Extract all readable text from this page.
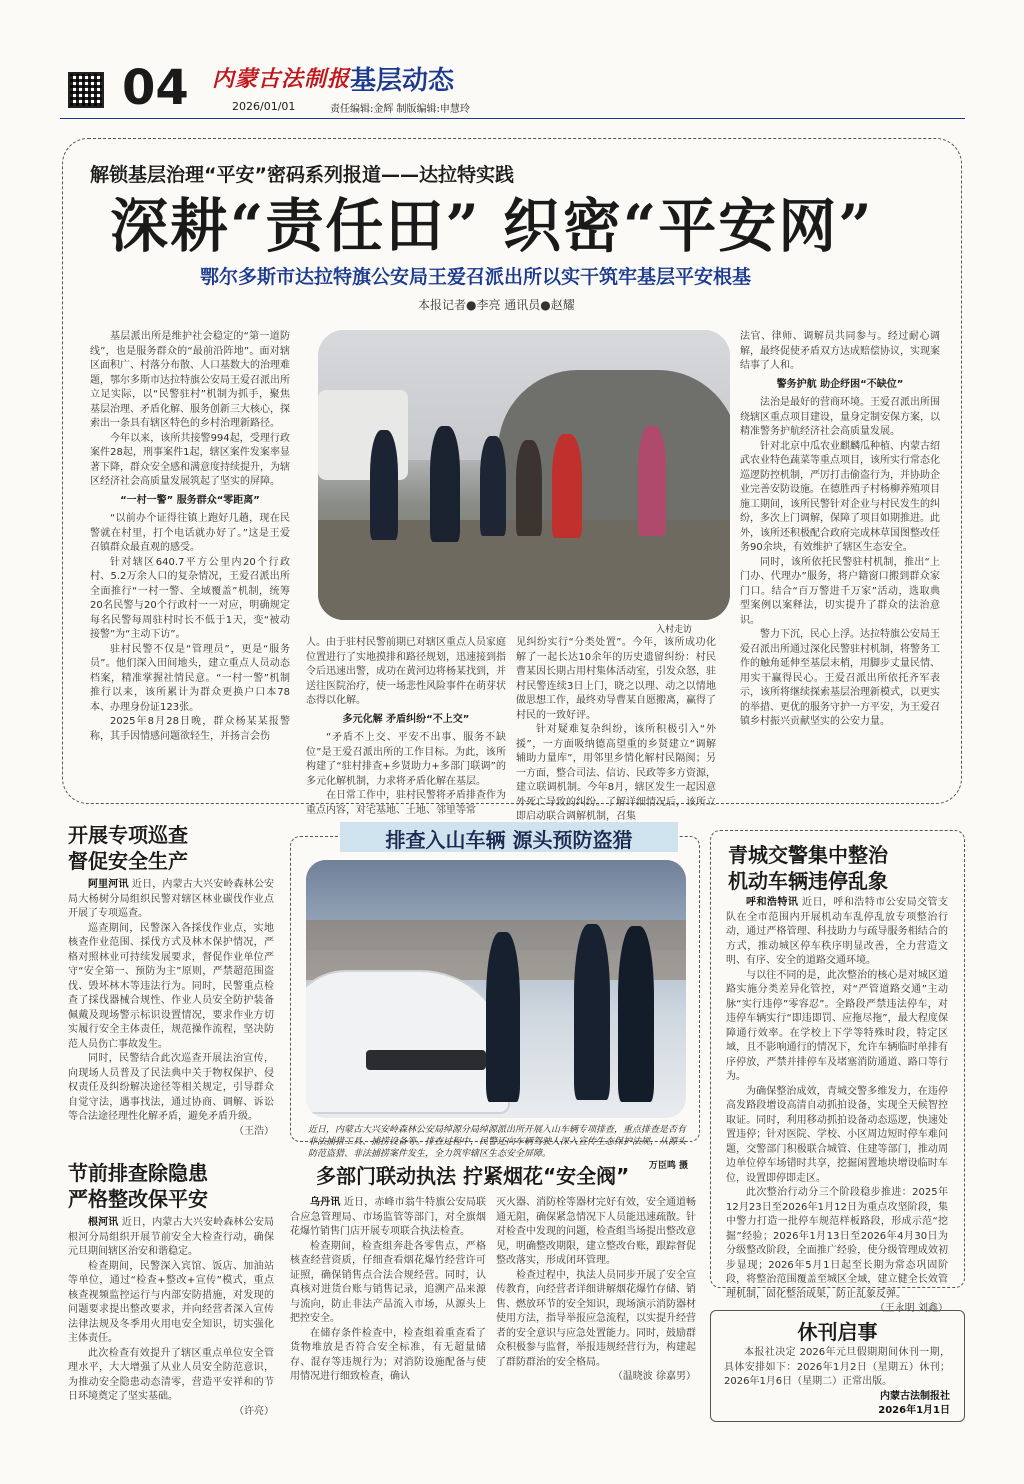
04 内蒙古法制报
2026/01/01
基层动态
责任编辑:金辉 制版编辑:申慧玲
解锁基层治理“平安”密码系列报道——达拉特实践
深耕“责任田” 织密“平安网”
鄂尔多斯市达拉特旗公安局王爱召派出所以实干筑牢基层平安根基
本报记者●李亮 通讯员●赵耀

基层派出所是维护社会稳定的“第一道防线”，也是服务群众的“最前沿阵地”。面对辖区面积广、村落分布散、人口基数大的治理难题，鄂尔多斯市达拉特旗公安局王爱召派出所立足实际，以“民警驻村”机制为抓手，聚焦基层治理、矛盾化解、服务创新三大核心，探索出一条具有辖区特色的乡村治理新路径。

今年以来，该所共接警994起，受理行政案件28起，刑事案件1起，辖区案件发案率显著下降，群众安全感和满意度持续提升，为辖区经济社会高质量发展筑起了坚实的屏障。

“一村一警” 服务群众“零距离”

“以前办个证得往镇上跑好几趟，现在民警就在村里，打个电话就办好了。”这是王爱召镇群众最直观的感受。

针对辖区640.7平方公里内20个行政村、5.2万余人口的复杂情况，王爱召派出所全面推行“一村一警、全域覆盖”机制，统筹20名民警与20个行政村一一对应，明确规定每名民警每周驻村时长不低于1天，变“被动接警”为“主动下访”。

驻村民警不仅是“管理员”，更是“服务员”。他们深入田间地头，建立重点人员动态档案，精准掌握社情民意。“一村一警”机制推行以来，该所累计为群众更换户口本78本、办理身份证123张。

2025年8月28日晚，群众杨某某报警称，其手因情感问题欲轻生，并扬言会伤

入村走访

人。由于驻村民警前期已对辖区重点人员家庭位置进行了实地摸排和路径规划，迅速接到指令后迅速出警，成功在黄河边将杨某找到，并送往医院治疗，使一场悲性风险事件在萌芽状态得以化解。

多元化解 矛盾纠纷“不上交”

“矛盾不上交、平安不出事、服务不缺位”是王爱召派出所的工作目标。为此，该所构建了“驻村排查+乡贤助力+多部门联调”的多元化解机制，力求将矛盾化解在基层。

在日常工作中，驻村民警将矛盾排查作为重点内容，对宅基地、土地、邻里等常

见纠纷实行“分类处置”。今年，该所成功化解了一起长达10余年的历史遗留纠纷：村民曹某因长期占用村集体活动室，引发众怒，驻村民警连续3日上门，晓之以理、动之以情地做思想工作，最终劝导曹某自愿搬离，赢得了村民的一致好评。

针对疑难复杂纠纷，该所积极引入“外援”，一方面吸纳德高望重的乡贤建立“调解辅助力量库”，用邻里乡情化解村民隔阂；另一方面，整合司法、信访、民政等多方资源，建立联调机制。今年8月，辖区发生一起因意外死亡导致的纠纷。了解详细情况后，该所立即启动联合调解机制，召集

法官、律师、调解员共同参与。经过耐心调解，最终促使矛盾双方达成赔偿协议，实现案结事了人和。

警务护航 助企纾困“不缺位”

法治是最好的营商环境。王爱召派出所围绕辖区重点项目建设，量身定制安保方案，以精准警务护航经济社会高质量发展。

针对北京中瓜农业麒麟瓜种植、内蒙古绍武农业特色蔬菜等重点项目，该所实行常态化巡逻防控机制，严厉打击偷盗行为，并协助企业完善安防设施。在德胜西子村杨柳养殖项目施工期间，该所民警针对企业与村民发生的纠纷，多次上门调解，保障了项目如期推进。此外，该所还积极配合政府完成林草国图整改任务90余块，有效维护了辖区生态安全。

同时，该所依托民警驻村机制，推出“上门办、代理办”服务，将户籍窗口搬到群众家门口。结合“百万警进千万家”活动，选取典型案例以案释法，切实提升了群众的法治意识。

警力下沉，民心上浮。达拉特旗公安局王爱召派出所通过深化民警驻村机制，将警务工作的触角延伸至基层末梢，用脚步丈量民情、用实干赢得民心。王爱召派出所依托齐军表示，该所将继续探索基层治理新模式，以更实的举措、更优的服务守护一方平安，为王爱召镇乡村振兴贡献坚实的公安力量。

开展专项巡查
督促安全生产

阿里河讯 近日，内蒙古大兴安岭森林公安局大杨树分局组织民警对辖区林业碳伐作业点开展了专项巡查。

巡查期间，民警深入各採伐作业点，实地核查作业范围、採伐方式及林木保护情况，严格对照林业可持续发展要求，督促作业单位严守“安全第一、预防为主”原则，严禁超范围盗伐、毁坏林木等违法行为。同时，民警重点检查了採伐器械合规性、作业人员安全防护装备佩戴及现场警示标识设置情况，要求作业方切实履行安全主体责任，规范操作流程，坚决防范人员伤亡事故发生。

同时，民警结合此次巡查开展法治宣传，向现场人员普及了民法典中关于物权保护、侵权责任及纠纷解决途径等相关规定，引导群众自觉守法，遇事找法，通过协商、调解、诉讼等合法途径理性化解矛盾，避免矛盾升级。

（王浩）
节前排查除隐患
严格整改保平安

根河讯 近日，内蒙古大兴安岭森林公安局根河分局组织开展节前安全大检查行动，确保元旦期间辖区治安和谐稳定。

检查期间，民警深入宾馆、饭店、加油站等单位，通过“检查+整改+宣传”模式，重点核查视频监控运行与内部安防措施，对发现的问题要求提出整改要求，并向经营者深入宣传法律法规及冬季用火用电安全知识，切实强化主体责任。

此次检查有效提升了辖区重点单位安全管理水平，大大增强了从业人员安全防范意识，为推动安全隐患动态清零，营造平安祥和的节日环境奠定了坚实基础。

（许亮）
排查入山车辆 源头预防盗猎
近日，内蒙古大兴安岭森林公安局绰源分局绰源派出所开展入山车辆专项排查，重点排查是否有非法捕猎工具、捕捞设备等。排查过程中，民警还向车辆驾驶人深入宣传生态保护法规，从源头防范盗猎、非法捕捞案件发生，全力筑牢辖区生态安全屏障。
万臣鸣 摄
多部门联动执法 拧紧烟花“安全阀”

乌丹讯 近日，赤峰市翁牛特旗公安局联合应急管理局、市场监管等部门，对全旗烟花爆竹销售门店开展专项联合执法检查。

检查期间，检查组奔赴各零售点，严格核查经营资质，仔细查看烟花爆竹经营许可证照，确保销售点合法合规经营。同时，认真核对进货台账与销售记录，追溯产品来源与流向，防止非法产品流入市场，从源头上把控安全。

在储存条件检查中，检查组着重查看了货物堆放是否符合安全标准，有无超量储存、混存等违规行为；对消防设施配备与使用情况进行细致检查，确认

灭火器、消防栓等器材完好有效，安全通道畅通无阻，确保紧急情况下人员能迅速疏散。针对检查中发现的问题，检查组当场提出整改意见，明确整改期限，建立整改台账，跟踪督促整改落实，形成闭环管理。

检查过程中，执法人员同步开展了安全宣传教育，向经营者详细讲解烟花爆竹存储、销售、燃放环节的安全知识，现场演示消防器材使用方法，指导举报应急流程，以实提升经营者的安全意识与应急处置能力。同时，鼓励群众积极参与监督，举报违规经营行为，构建起了群防群治的安全格局。

（温晓波 徐嘉男）
青城交警集中整治
机动车辆违停乱象

呼和浩特讯 近日，呼和浩特市公安局交管支队在全市范围内开展机动车乱停乱放专项整治行动，通过严格管理、科技助力与疏导服务相结合的方式，推动城区停车秩序明显改善，全力营造文明、有序、安全的道路交通环境。

与以往不同的是，此次整治的核心是对城区道路实施分类差异化管控，对“严管道路交通”主动脉“实行违停”零容忍”。全路段严禁违法停车，对违停车辆实行“即违即罚、应拖尽拖”，最大程度保障通行效率。在学校上下学等特殊时段，特定区域，且不影响通行的情况下，允许车辆临时单排有序停放，严禁并排停车及堵塞消防通道、路口等行为。

为确保整治成效，青城交警多维发力，在违停高发路段增设高清自动抓拍设备，实现全天候智控取证。同时，利用移动抓拍设备动态巡逻，快速处置违停；针对医院、学校、小区周边短时停车难问题，交警部门积极联合城管、住建等部门，推动周边单位停车场错时共享，挖掘闲置地块增设临时车位，设置即停即走区。

此次整治行动分三个阶段稳步推进：2025年12月23日至2026年1月12日为重点攻坚阶段，集中警力打造一批停车规范样板路段，形成示范“挖掘”经验；2026年1月13日至2026年4月30日为分级整改阶段，全面推广经验，使分级管理成效初步显现；2026年5月1日起至长期为常态巩固阶段，将整治范围覆盖至城区全域，建立健全长效管理机制，固化整治成果，防止乱象反弹。

（王永明 刘鑫）
休刊启事

本报社决定 2026年元旦假期期间休刊一期，具体安排如下：2026年1月2日（星期五）休刊；2026年1月6日（星期二）正常出版。

内蒙古法制报社
2026年1月1日
